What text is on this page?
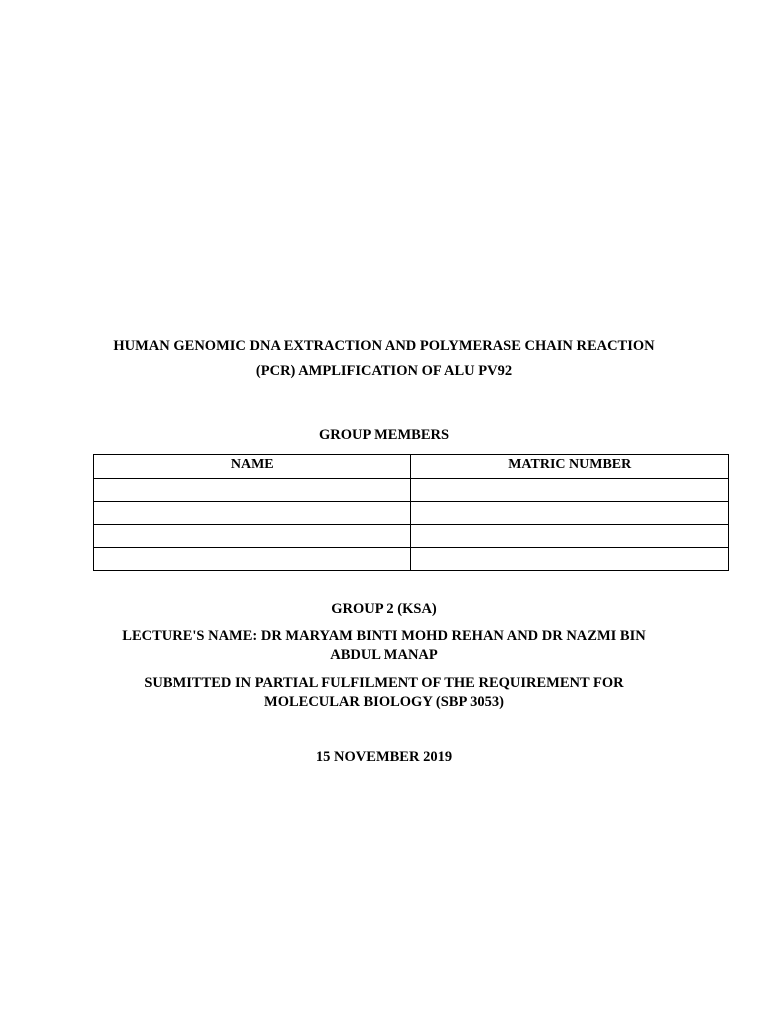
HUMAN GENOMIC DNA EXTRACTION AND POLYMERASE CHAIN REACTION
(PCR) AMPLIFICATION OF ALU PV92
GROUP MEMBERS
NAME	MATRIC NUMBER

GROUP 2 (KSA)
LECTURE'S NAME: DR MARYAM BINTI MOHD REHAN AND DR NAZMI BIN
ABDUL MANAP
SUBMITTED IN PARTIAL FULFILMENT OF THE REQUIREMENT FOR
MOLECULAR BIOLOGY (SBP 3053)
15 NOVEMBER 2019
